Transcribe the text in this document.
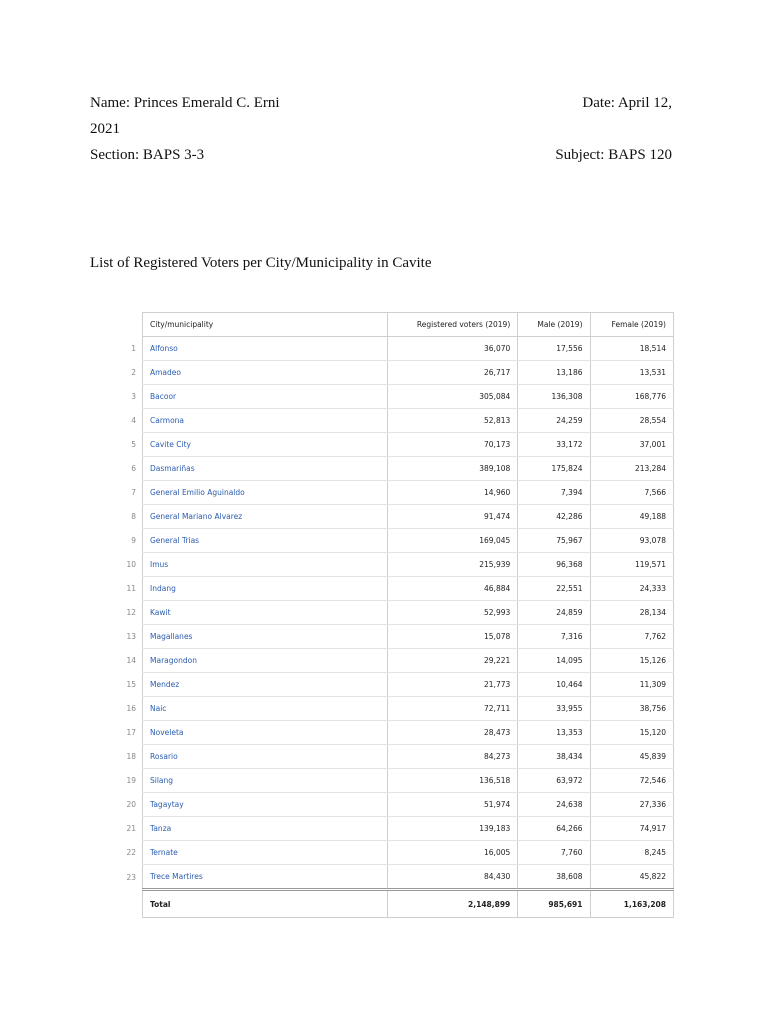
Name: Princes Emerald C. Erni	Date: April 12,
2021
Section: BAPS 3-3	Subject: BAPS 120
List of Registered Voters per City/Municipality in Cavite
	City/municipality	Registered voters (2019)	Male (2019)	Female (2019)
1	Alfonso	36,070	17,556	18,514
2	Amadeo	26,717	13,186	13,531
3	Bacoor	305,084	136,308	168,776
4	Carmona	52,813	24,259	28,554
5	Cavite City	70,173	33,172	37,001
6	Dasmariñas	389,108	175,824	213,284
7	General Emilio Aguinaldo	14,960	7,394	7,566
8	General Mariano Alvarez	91,474	42,286	49,188
9	General Trias	169,045	75,967	93,078
10	Imus	215,939	96,368	119,571
11	Indang	46,884	22,551	24,333
12	Kawit	52,993	24,859	28,134
13	Magallanes	15,078	7,316	7,762
14	Maragondon	29,221	14,095	15,126
15	Mendez	21,773	10,464	11,309
16	Naic	72,711	33,955	38,756
17	Noveleta	28,473	13,353	15,120
18	Rosario	84,273	38,434	45,839
19	Silang	136,518	63,972	72,546
20	Tagaytay	51,974	24,638	27,336
21	Tanza	139,183	64,266	74,917
22	Ternate	16,005	7,760	8,245
23	Trece Martires	84,430	38,608	45,822
	Total	2,148,899	985,691	1,163,208
